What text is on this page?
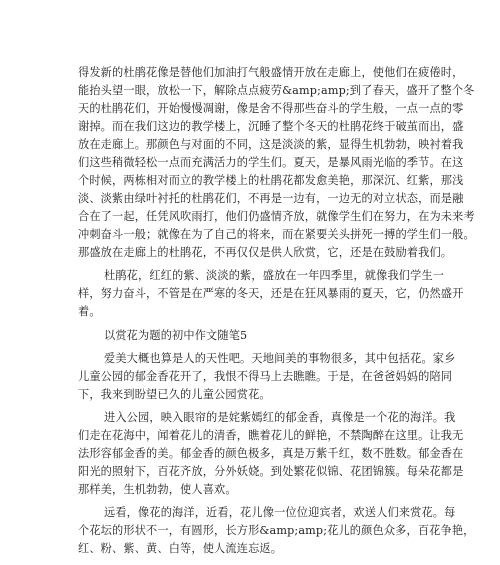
得发新的杜鹃花像是替他们加油打气般盛情开放在走廊上，使他们在疲倦时，
能抬头望一眼，放松一下，解除点点疲劳&amp;amp;到了春天，盛开了整个冬
天的杜鹃花们，开始慢慢凋谢，像是舍不得那些奋斗的学生般，一点一点的零
谢掉。而在我们这边的教学楼上，沉睡了整个冬天的杜鹃花终于破茧而出，盛
放在走廊上。那颜色与对面的不同，这是淡淡的紫，显得生机勃勃，映衬着我
们这些稍微轻松一点而充满活力的学生们。夏天，是暴风雨光临的季节。在这
个时候，两栋相对而立的教学楼上的杜鹃花都发愈美艳，那深沉、红紫，那浅
淡、淡紫由绿叶衬托的杜鹃花们，不再是一边有，一边无的对立状态，而是融
合在了一起，任凭风吹雨打，他们仍盛情齐放，就像学生们在努力，在为未来考
冲刺奋斗一般；就像在为了自己的将来，而在紧要关头拼死一搏的学生们一般。
那盛放在走廊上的杜鹃花，不再仅仅是供人欣赏，它，还是在鼓励着我们。
杜鹃花，红红的紫、淡淡的紫，盛放在一年四季里，就像我们学生一
样，努力奋斗，不管是在严寒的冬天，还是在狂风暴雨的夏天，它，仍然盛开
着。
以赏花为题的初中作文随笔5
爱美大概也算是人的天性吧。天地间美的事物很多，其中包括花。家乡
儿童公园的郁金香花开了，我恨不得马上去瞧瞧。于是，在爸爸妈妈的陪同
下，我来到盼望已久的儿童公园赏花。
进入公园，映入眼帘的是姹紫嫣红的郁金香，真像是一个花的海洋。我
们走在花海中，闻着花儿的清香，瞧着花儿的鲜艳，不禁陶醉在这里。让我无
法形容郁金香的美。郁金香的颜色极多，真是万紫千红，数不胜数。郁金香在
阳光的照射下，百花齐放，分外妖娆。到处繁花似锦、花团锦簇。每朵花都是
那样美，生机勃勃，使人喜欢。
远看，像花的海洋，近看，花儿像一位位迎宾者，欢送人们来赏花。每
个花坛的形状不一，有圆形，长方形&amp;amp;花儿的颜色众多，百花争艳，
红、粉、紫、黄、白等，使人流连忘返。
